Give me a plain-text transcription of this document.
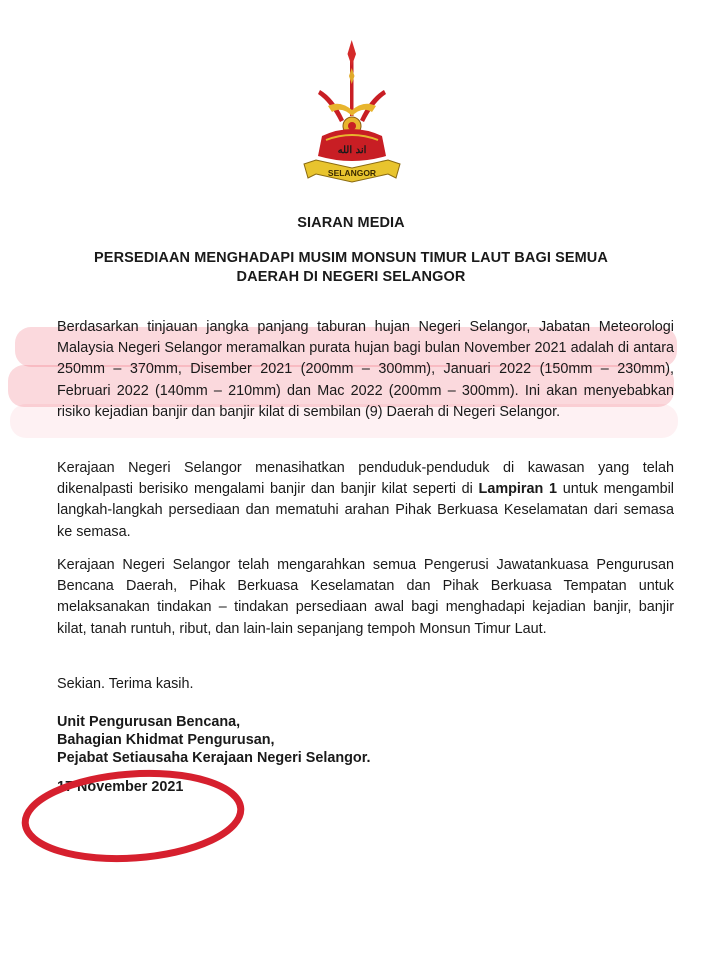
ﺍﻧﺪ ﺍﻟﻠﻪ
SELANGOR
SIARAN MEDIA
PERSEDIAAN MENGHADAPI MUSIM MONSUN TIMUR LAUT BAGI SEMUA
DAERAH DI NEGERI SELANGOR
Berdasarkan tinjauan jangka panjang taburan hujan Negeri Selangor, Jabatan Meteorologi Malaysia Negeri Selangor meramalkan purata hujan bagi bulan November 2021 adalah di antara 250mm – 370mm, Disember 2021 (200mm – 300mm), Januari 2022 (150mm – 230mm), Februari 2022 (140mm – 210mm) dan Mac 2022 (200mm – 300mm). Ini akan menyebabkan risiko kejadian banjir dan banjir kilat di sembilan (9) Daerah di Negeri Selangor.
Kerajaan Negeri Selangor menasihatkan penduduk-penduduk di kawasan yang telah dikenalpasti berisiko mengalami banjir dan banjir kilat seperti di Lampiran 1 untuk mengambil langkah-langkah persediaan dan mematuhi arahan Pihak Berkuasa Keselamatan dari semasa ke semasa.
Kerajaan Negeri Selangor telah mengarahkan semua Pengerusi Jawatankuasa Pengurusan Bencana Daerah, Pihak Berkuasa Keselamatan dan Pihak Berkuasa Tempatan untuk melaksanakan tindakan – tindakan persediaan awal bagi menghadapi kejadian banjir, banjir kilat, tanah runtuh, ribut, dan lain-lain sepanjang tempoh Monsun Timur Laut.
Sekian. Terima kasih.
Unit Pengurusan Bencana,
Bahagian Khidmat Pengurusan,
Pejabat Setiausaha Kerajaan Negeri Selangor.
17 November 2021
